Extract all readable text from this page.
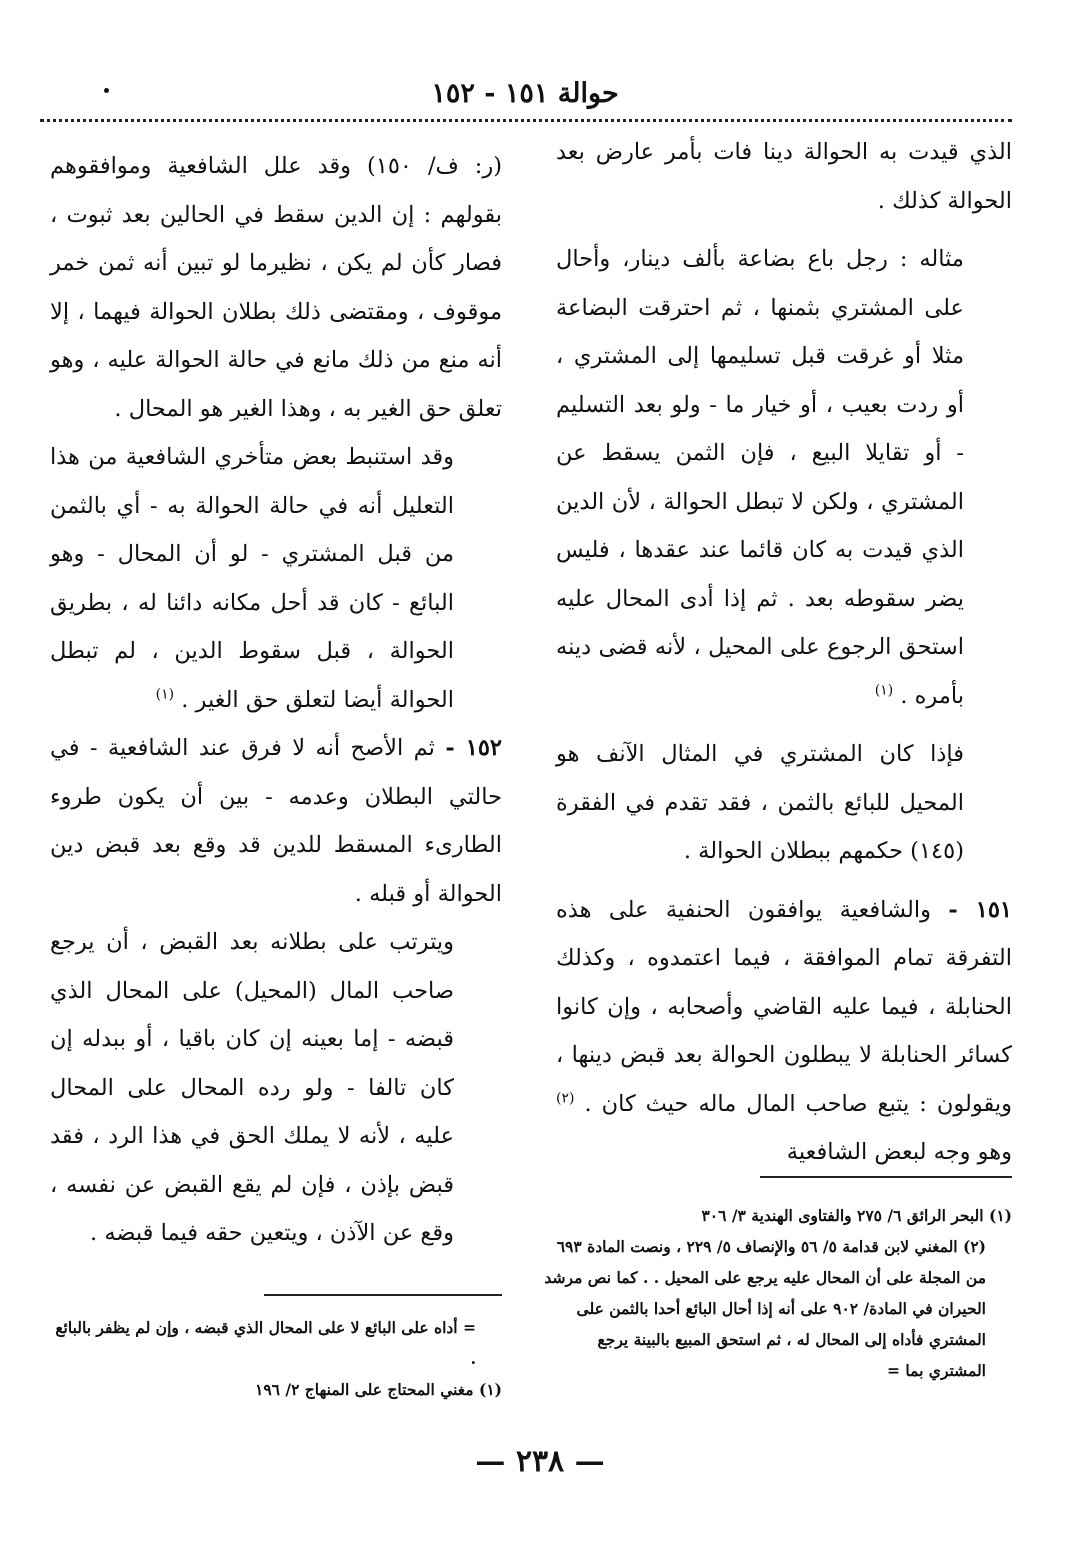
حوالة ١٥١ - ١٥٢

الذي قيدت به الحوالة دينا فات بأمر عارض بعد الحوالة كذلك .

مثاله : رجل باع بضاعة بألف دينار، وأحال على المشتري بثمنها ، ثم احترقت البضاعة مثلا أو غرقت قبل تسليمها إلى المشتري ، أو ردت بعيب ، أو خيار ما - ولو بعد التسليم - أو تقايلا البيع ، فإن الثمن يسقط عن المشتري ، ولكن لا تبطل الحوالة ، لأن الدين الذي قيدت به كان قائما عند عقدها ، فليس يضر سقوطه بعد . ثم إذا أدى المحال عليه استحق الرجوع على المحيل ، لأنه قضى دينه بأمره . $^{(١)}$

فإذا كان المشتري في المثال الآنف هو المحيل للبائع بالثمن ، فقد تقدم في الفقرة (١٤٥) حكمهم ببطلان الحوالة .

١٥١ - والشافعية يوافقون الحنفية على هذه التفرقة تمام الموافقة ، فيما اعتمدوه ، وكذلك الحنابلة ، فيما عليه القاضي وأصحابه ، وإن كانوا كسائر الحنابلة لا يبطلون الحوالة بعد قبض دينها ، ويقولون : يتبع صاحب المال ماله حيث كان . $^{(٢)}$ وهو وجه لبعض الشافعية

(١) البحر الرائق ٦/ ٢٧٥ والفتاوى الهندية ٣/ ٣٠٦

(٢) المغني لابن قدامة ٥/ ٥٦ والإنصاف ٥/ ٢٢٩ ، ونصت المادة ٦٩٣ من المجلة على أن المحال عليه يرجع على المحيل . . كما نص مرشد الحيران في المادة/ ٩٠٢ على أنه إذا أحال البائع أحدا بالثمن على المشتري فأداه إلى المحال له ، ثم استحق المبيع بالبينة يرجع المشتري بما =

(ر: ف/ ١٥٠) وقد علل الشافعية وموافقوهم بقولهم : إن الدين سقط في الحالين بعد ثبوت ، فصار كأن لم يكن ، نظيرما لو تبين أنه ثمن خمر موقوف ، ومقتضى ذلك بطلان الحوالة فيهما ، إلا أنه منع من ذلك مانع في حالة الحوالة عليه ، وهو تعلق حق الغير به ، وهذا الغير هو المحال .

وقد استنبط بعض متأخري الشافعية من هذا التعليل أنه في حالة الحوالة به - أي بالثمن من قبل المشتري - لو أن المحال - وهو البائع - كان قد أحل مكانه دائنا له ، بطريق الحوالة ، قبل سقوط الدين ، لم تبطل الحوالة أيضا لتعلق حق الغير . $^{(١)}$

١٥٢ - ثم الأصح أنه لا فرق عند الشافعية - في حالتي البطلان وعدمه - بين أن يكون طروء الطارىء المسقط للدين قد وقع بعد قبض دين الحوالة أو قبله .

ويترتب على بطلانه بعد القبض ، أن يرجع صاحب المال (المحيل) على المحال الذي قبضه - إما بعينه إن كان باقيا ، أو ببدله إن كان تالفا - ولو رده المحال على المحال عليه ، لأنه لا يملك الحق في هذا الرد ، فقد قبض بإذن ، فإن لم يقع القبض عن نفسه ، وقع عن الآذن ، ويتعين حقه فيما قبضه .

= أداه على البائع لا على المحال الذي قبضه ، وإن لم يظفر بالبائع .

(١) مغني المحتاج على المنهاج ٢/ ١٩٦

— ٢٣٨ —
